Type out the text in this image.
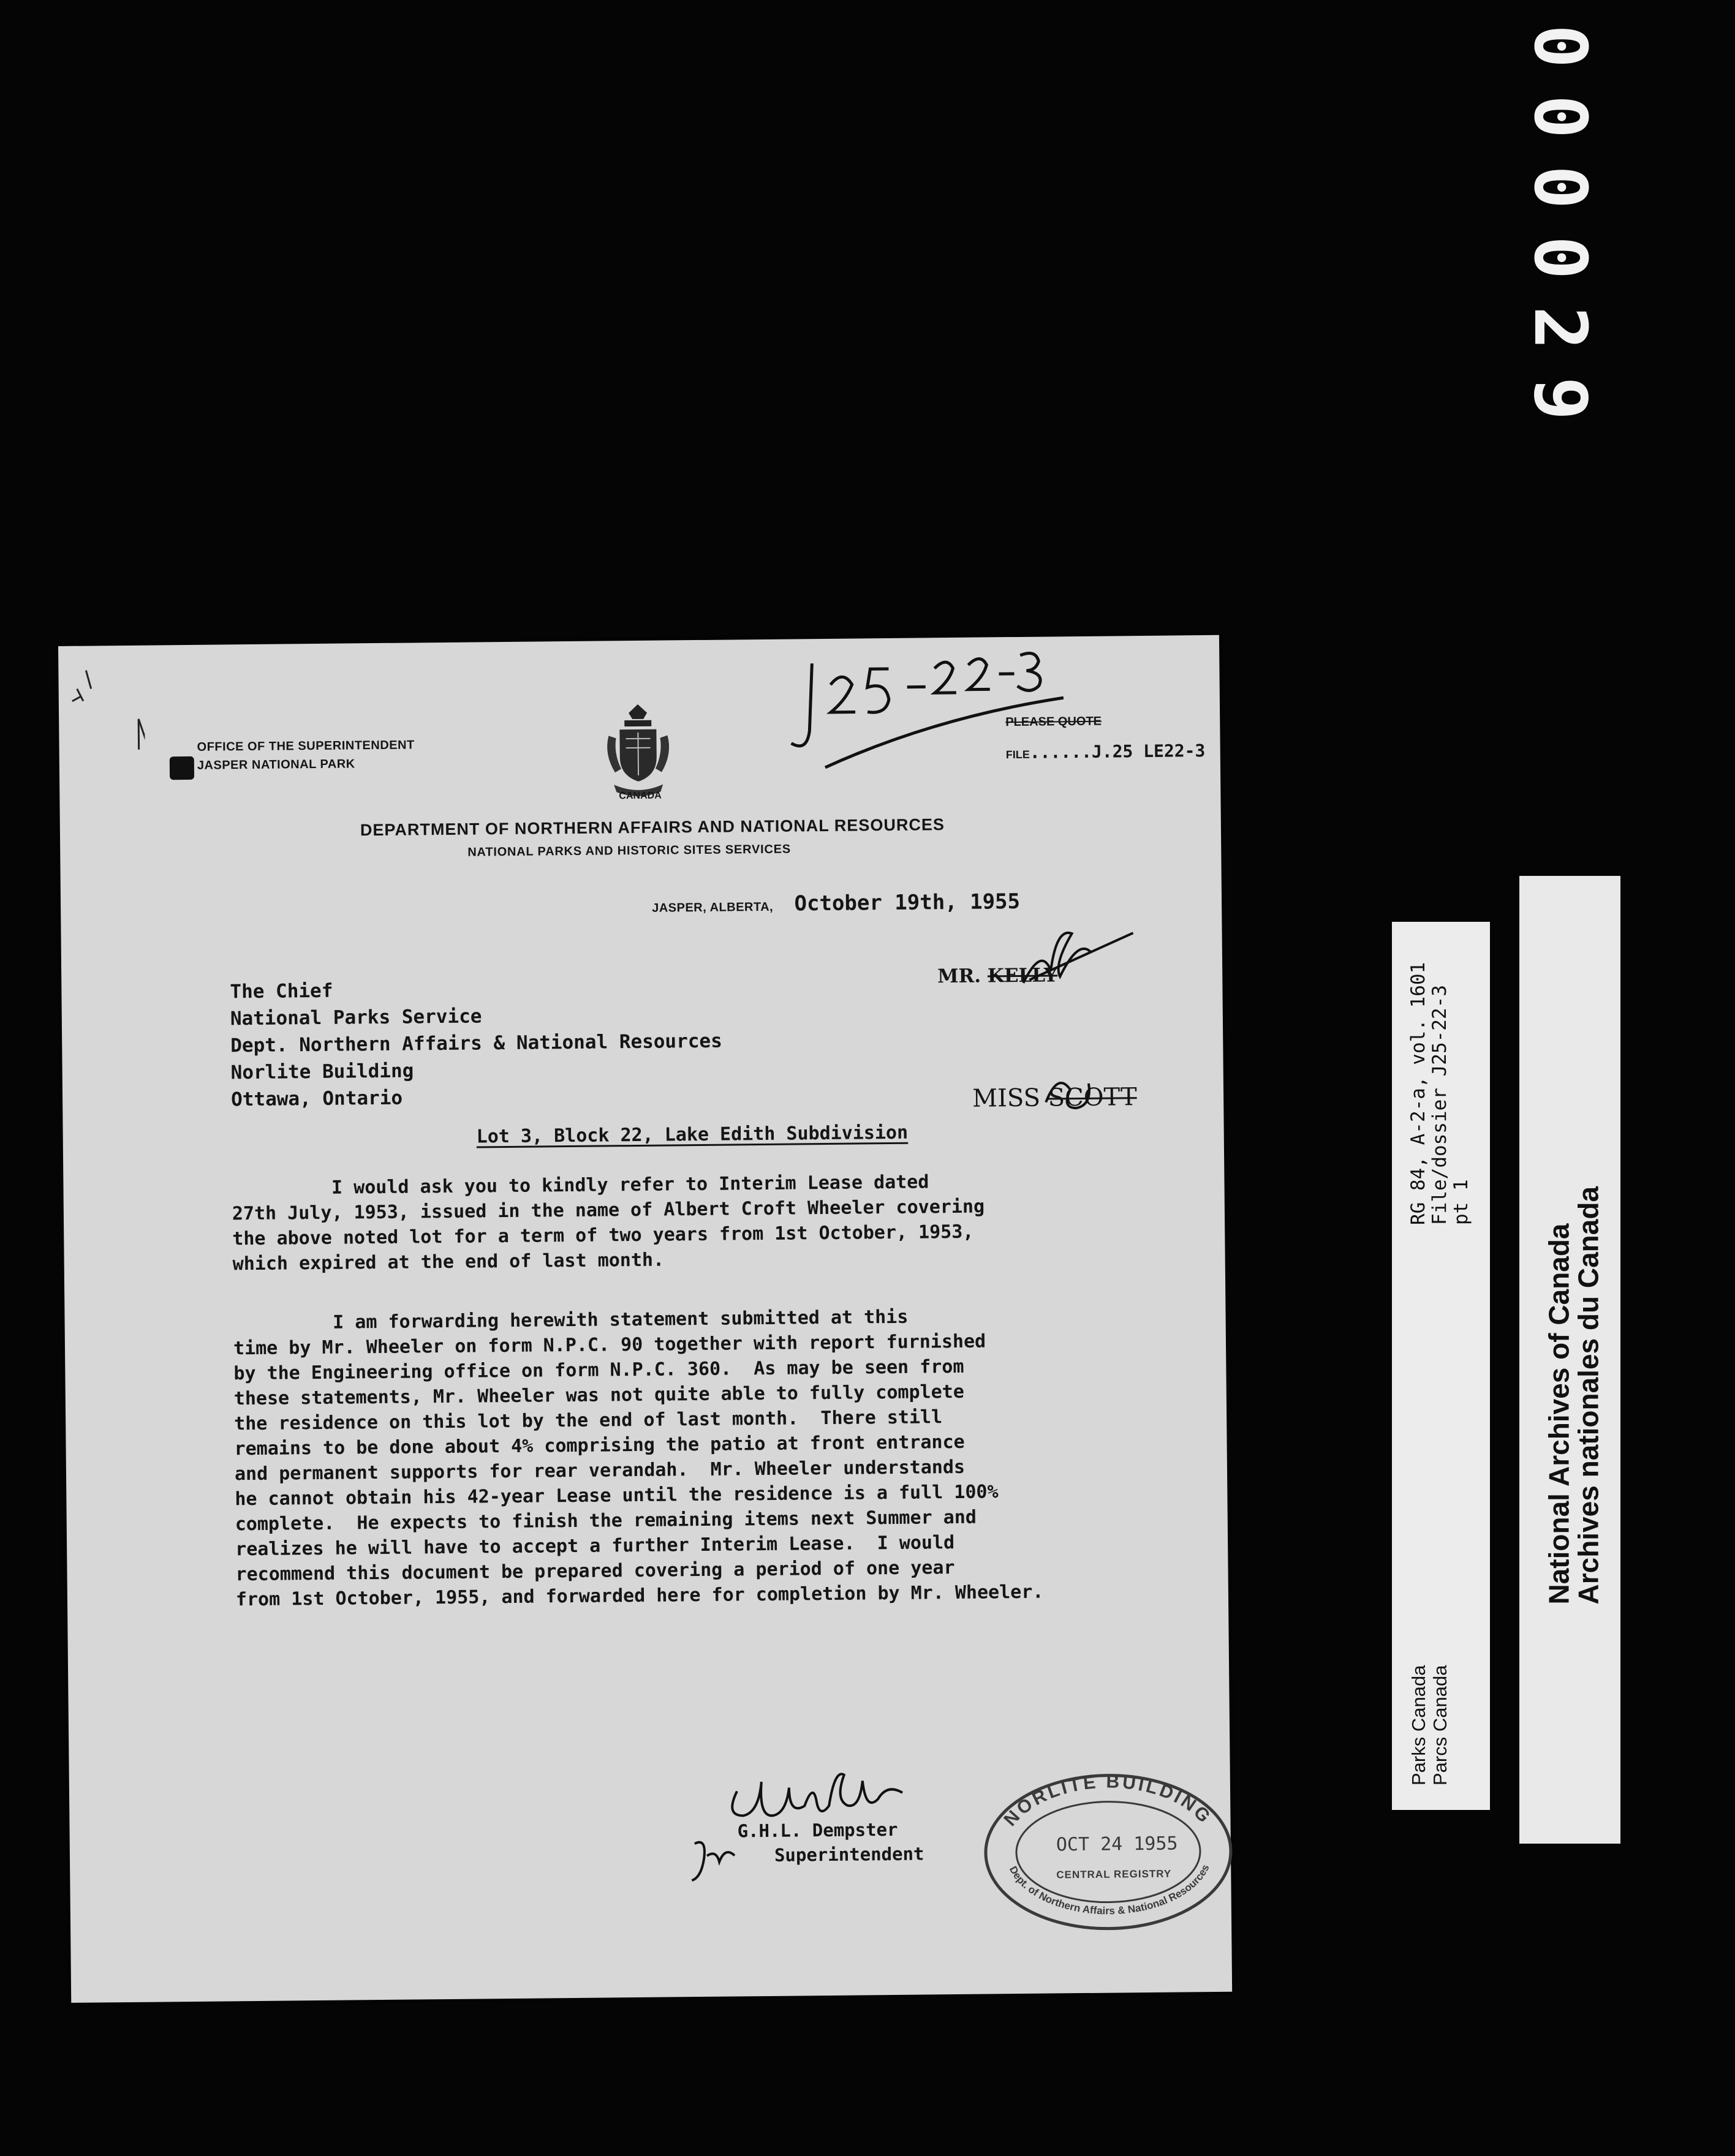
000029
OFFICE OF THE SUPERINTENDENT
JASPER NATIONAL PARK
CANADA
J25-22-3
PLEASE QUOTE
FILE......J.25 LE22-3
DEPARTMENT OF NORTHERN AFFAIRS AND NATIONAL RESOURCES
NATIONAL PARKS AND HISTORIC SITES SERVICES
JASPER, ALBERTA, October 19th, 1955
The Chief
National Parks Service
Dept. Northern Affairs & National Resources
Norlite Building
Ottawa, Ontario
MR. KELLY
MISS SCOTT
Lot 3, Block 22, Lake Edith Subdivision
I would ask you to kindly refer to Interim Lease dated
27th July, 1953, issued in the name of Albert Croft Wheeler covering
the above noted lot for a term of two years from 1st October, 1953,
which expired at the end of last month.
I am forwarding herewith statement submitted at this
time by Mr. Wheeler on form N.P.C. 90 together with report furnished
by the Engineering office on form N.P.C. 360.  As may be seen from
these statements, Mr. Wheeler was not quite able to fully complete
the residence on this lot by the end of last month.  There still
remains to be done about 4% comprising the patio at front entrance
and permanent supports for rear verandah.  Mr. Wheeler understands
he cannot obtain his 42-year Lease until the residence is a full 100%
complete.  He expects to finish the remaining items next Summer and
realizes he will have to accept a further Interim Lease.  I would
recommend this document be prepared covering a period of one year
from 1st October, 1955, and forwarded here for completion by Mr. Wheeler.
G.H.L. Dempster
Superintendent
NORLITE BUILDING
Dept. of Northern Affairs & National Resources
OCT 24 1955
CENTRAL REGISTRY
Parks Canada Parcs Canada
RG 84, A-2-a, vol. 1601 File/dossier J25-22-3 pt 1
National Archives of Canada
Archives nationales du Canada
